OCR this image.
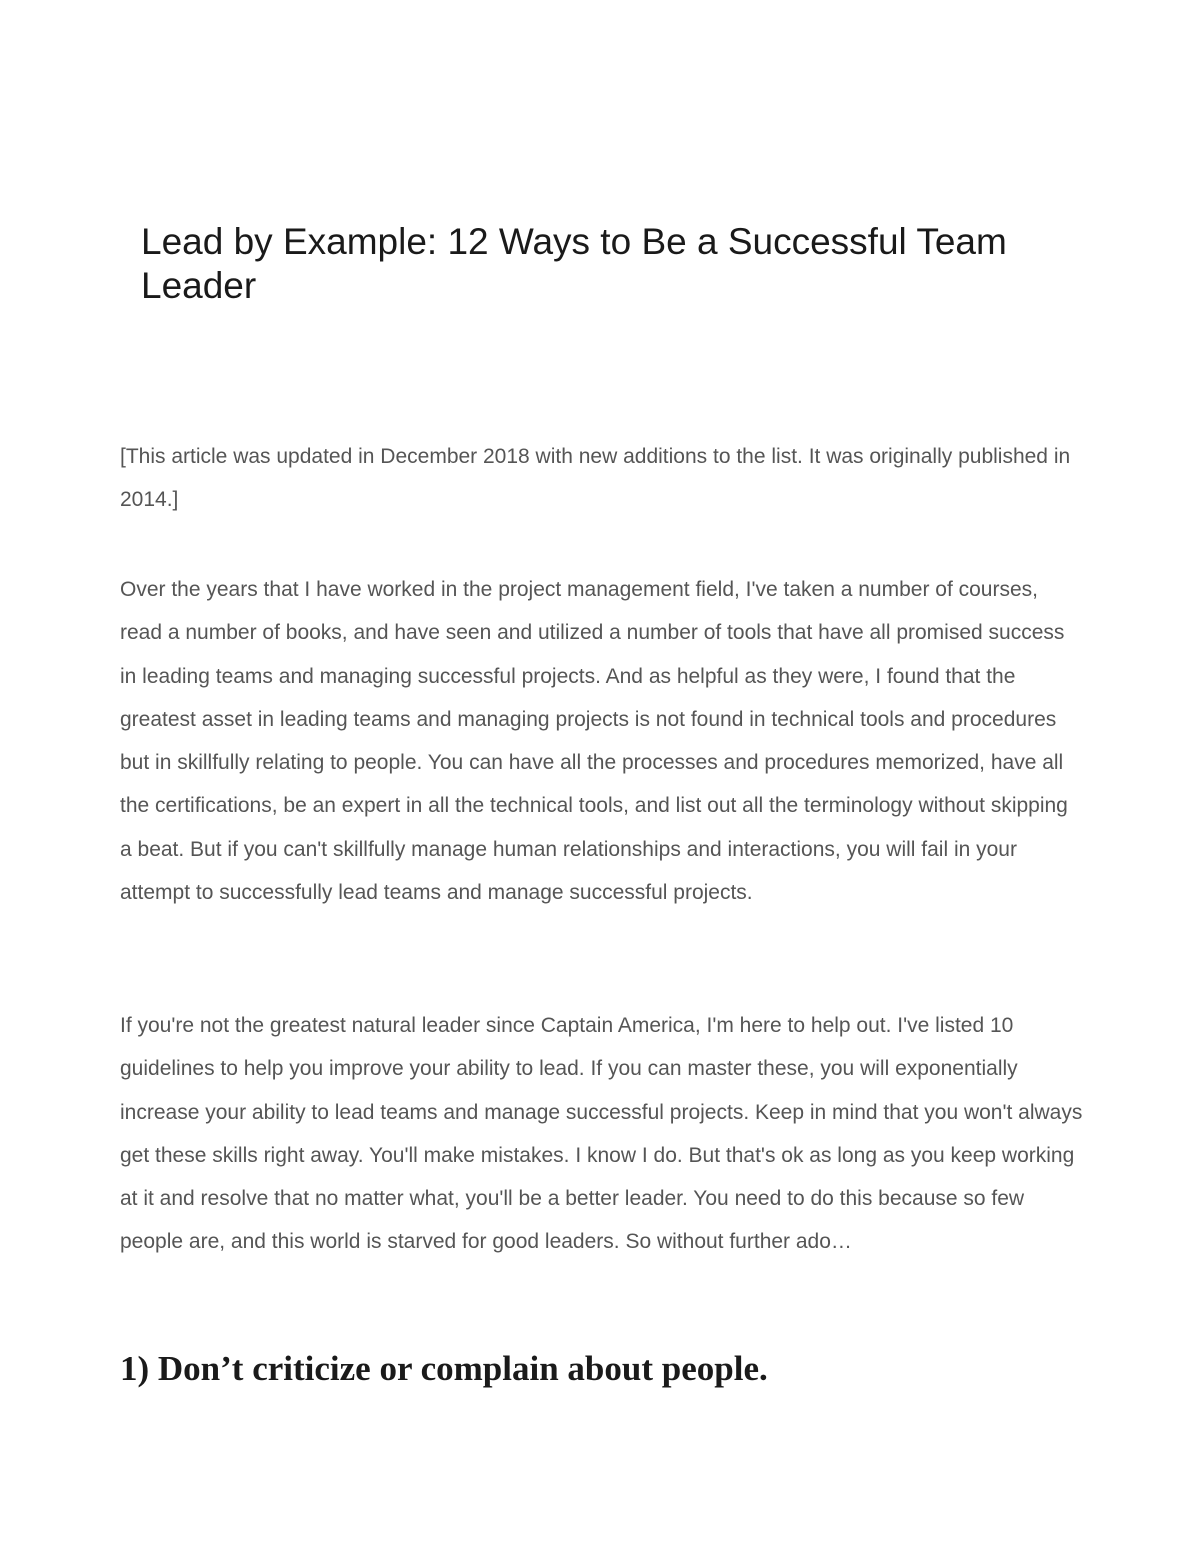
Lead by Example: 12 Ways to Be a Successful Team Leader

[This article was updated in December 2018 with new additions to the list. It was originally published in 2014.]

Over the years that I have worked in the project management field, I've taken a number of courses, read a number of books, and have seen and utilized a number of tools that have all promised success in leading teams and managing successful projects. And as helpful as they were, I found that the greatest asset in leading teams and managing projects is not found in technical tools and procedures but in skillfully relating to people. You can have all the processes and procedures memorized, have all the certifications, be an expert in all the technical tools, and list out all the terminology without skipping a beat. But if you can't skillfully manage human relationships and interactions, you will fail in your attempt to successfully lead teams and manage successful projects.

If you're not the greatest natural leader since Captain America, I'm here to help out. I've listed 10 guidelines to help you improve your ability to lead. If you can master these, you will exponentially increase your ability to lead teams and manage successful projects. Keep in mind that you won't always get these skills right away. You'll make mistakes. I know I do. But that's ok as long as you keep working at it and resolve that no matter what, you'll be a better leader. You need to do this because so few people are, and this world is starved for good leaders. So without further ado…

1) Don’t criticize or complain about people.
